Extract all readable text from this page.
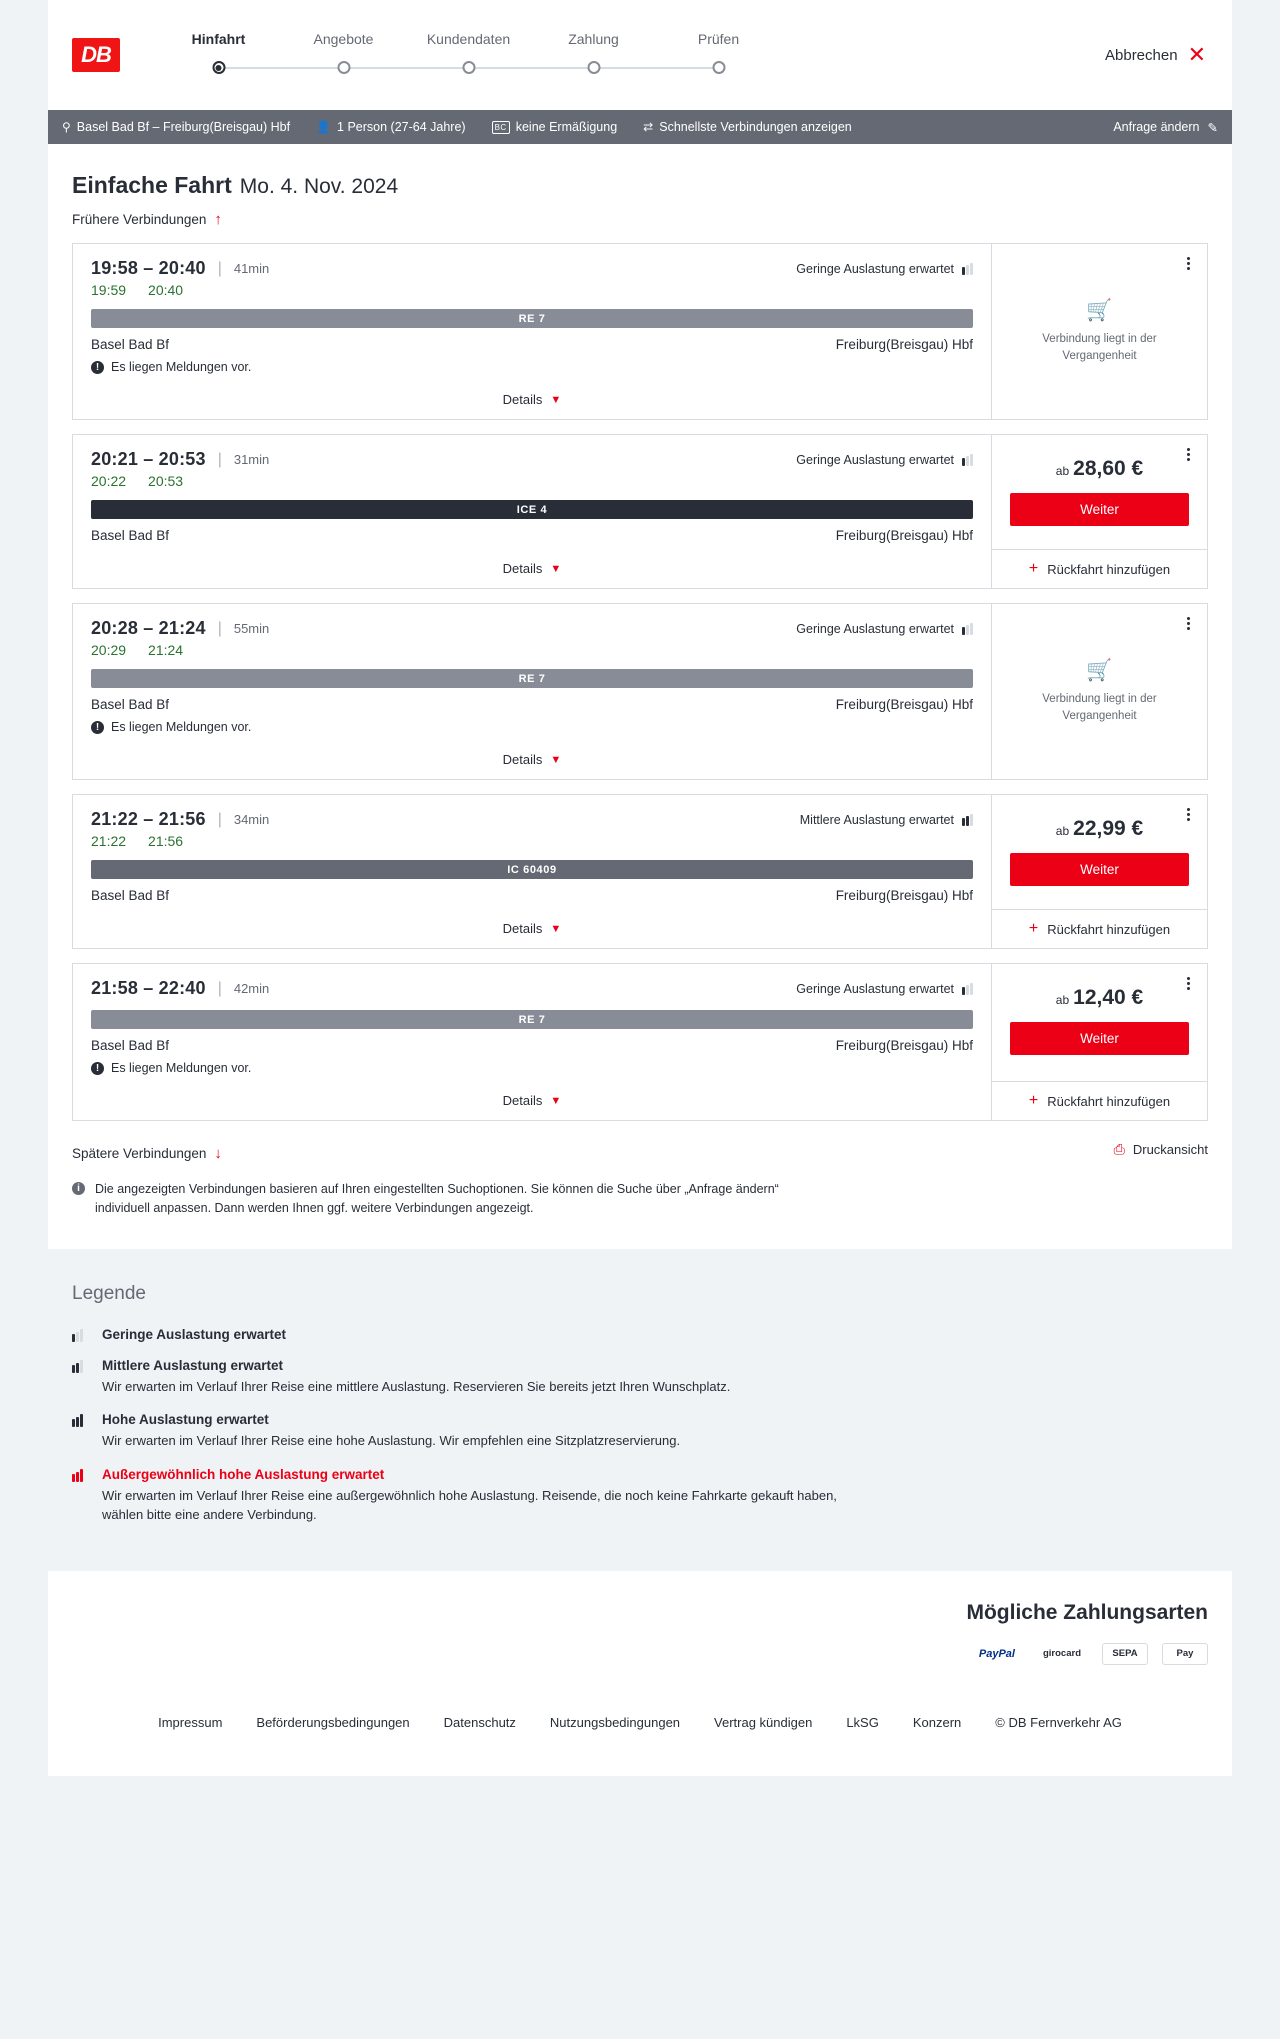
DB
Hinfahrt	Angebote	Kundendaten	Zahlung	Prüfen
Abbrechen ✕
⚲ Basel Bad Bf – Freiburg(Breisgau) Hbf 👤 1 Person (27-64 Jahre)	BC keine Ermäßigung ⇄ Schnellste Verbindungen anzeigen	Anfrage ändern ✎
Einfache Fahrt Mo. 4. Nov. 2024
Frühere Verbindungen ↑
19:58 – 20:40 | 41min	Geringe Auslastung erwartet
19:59 20:40
RE 7
Basel Bad Bf	Freiburg(Breisgau) Hbf
! Es liegen Meldungen vor.
Details ▼
🛒
Verbindung liegt in der Vergangenheit
20:21 – 20:53 | 31min	Geringe Auslastung erwartet
20:22 20:53
ICE 4
Basel Bad Bf	Freiburg(Breisgau) Hbf
Details ▼
ab 28,60 €
Weiter
+ Rückfahrt hinzufügen
20:28 – 21:24 | 55min	Geringe Auslastung erwartet
20:29 21:24
RE 7
Basel Bad Bf	Freiburg(Breisgau) Hbf
! Es liegen Meldungen vor.
Details ▼
🛒
Verbindung liegt in der Vergangenheit
21:22 – 21:56 | 34min	Mittlere Auslastung erwartet
21:22 21:56
IC 60409
Basel Bad Bf	Freiburg(Breisgau) Hbf
Details ▼
ab 22,99 €
Weiter
+ Rückfahrt hinzufügen
21:58 – 22:40 | 42min	Geringe Auslastung erwartet
RE 7
Basel Bad Bf	Freiburg(Breisgau) Hbf
! Es liegen Meldungen vor.
Details ▼
ab 12,40 €
Weiter
+ Rückfahrt hinzufügen
Spätere Verbindungen ↓	⎙ Druckansicht
i	Die angezeigten Verbindungen basieren auf Ihren eingestellten Suchoptionen. Sie können die Suche über „Anfrage ändern“ individuell anpassen. Dann werden Ihnen ggf. weitere Verbindungen angezeigt.
Legende
Geringe Auslastung erwartet
Mittlere Auslastung erwartet
Wir erwarten im Verlauf Ihrer Reise eine mittlere Auslastung. Reservieren Sie bereits jetzt Ihren Wunschplatz.
Hohe Auslastung erwartet
Wir erwarten im Verlauf Ihrer Reise eine hohe Auslastung. Wir empfehlen eine Sitzplatzreservierung.
Außergewöhnlich hohe Auslastung erwartet
Wir erwarten im Verlauf Ihrer Reise eine außergewöhnlich hohe Auslastung. Reisende, die noch keine Fahrkarte gekauft haben, wählen bitte eine andere Verbindung.
Mögliche Zahlungsarten
PayPal	girocard	SEPA	Pay
Impressum	Beförderungsbedingungen	Datenschutz	Nutzungsbedingungen	Vertrag kündigen	LkSG	Konzern	© DB Fernverkehr AG
